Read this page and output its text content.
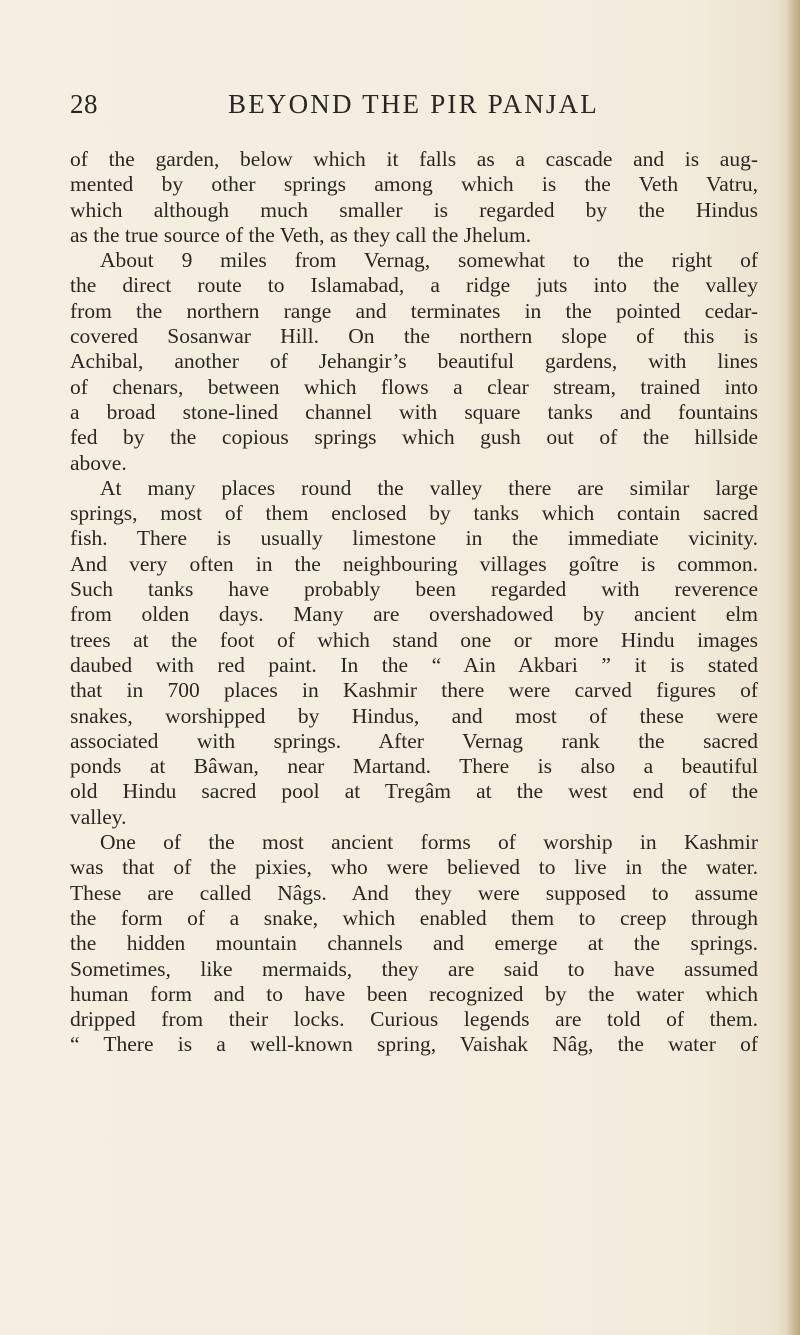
28	BEYOND THE PIR PANJAL
of the garden, below which it falls as a cascade and is aug-
mented by other springs among which is the Veth Vatru,
which although much smaller is regarded by the Hindus
as the true source of the Veth, as they call the Jhelum.
About 9 miles from Vernag, somewhat to the right of
the direct route to Islamabad, a ridge juts into the valley
from the northern range and terminates in the pointed cedar-
covered Sosanwar Hill. On the northern slope of this is
Achibal, another of Jehangir’s beautiful gardens, with lines
of chenars, between which flows a clear stream, trained into
a broad stone-lined channel with square tanks and fountains
fed by the copious springs which gush out of the hillside
above.
At many places round the valley there are similar large
springs, most of them enclosed by tanks which contain sacred
fish. There is usually limestone in the immediate vicinity.
And very often in the neighbouring villages goître is common.
Such tanks have probably been regarded with reverence
from olden days. Many are overshadowed by ancient elm
trees at the foot of which stand one or more Hindu images
daubed with red paint. In the “ Ain Akbari ” it is stated
that in 700 places in Kashmir there were carved figures of
snakes, worshipped by Hindus, and most of these were
associated with springs. After Vernag rank the sacred
ponds at Bâwan, near Martand. There is also a beautiful
old Hindu sacred pool at Tregâm at the west end of the
valley.
One of the most ancient forms of worship in Kashmir
was that of the pixies, who were believed to live in the water.
These are called Nâgs. And they were supposed to assume
the form of a snake, which enabled them to creep through
the hidden mountain channels and emerge at the springs.
Sometimes, like mermaids, they are said to have assumed
human form and to have been recognized by the water which
dripped from their locks. Curious legends are told of them.
“ There is a well-known spring, Vaishak Nâg, the water of
